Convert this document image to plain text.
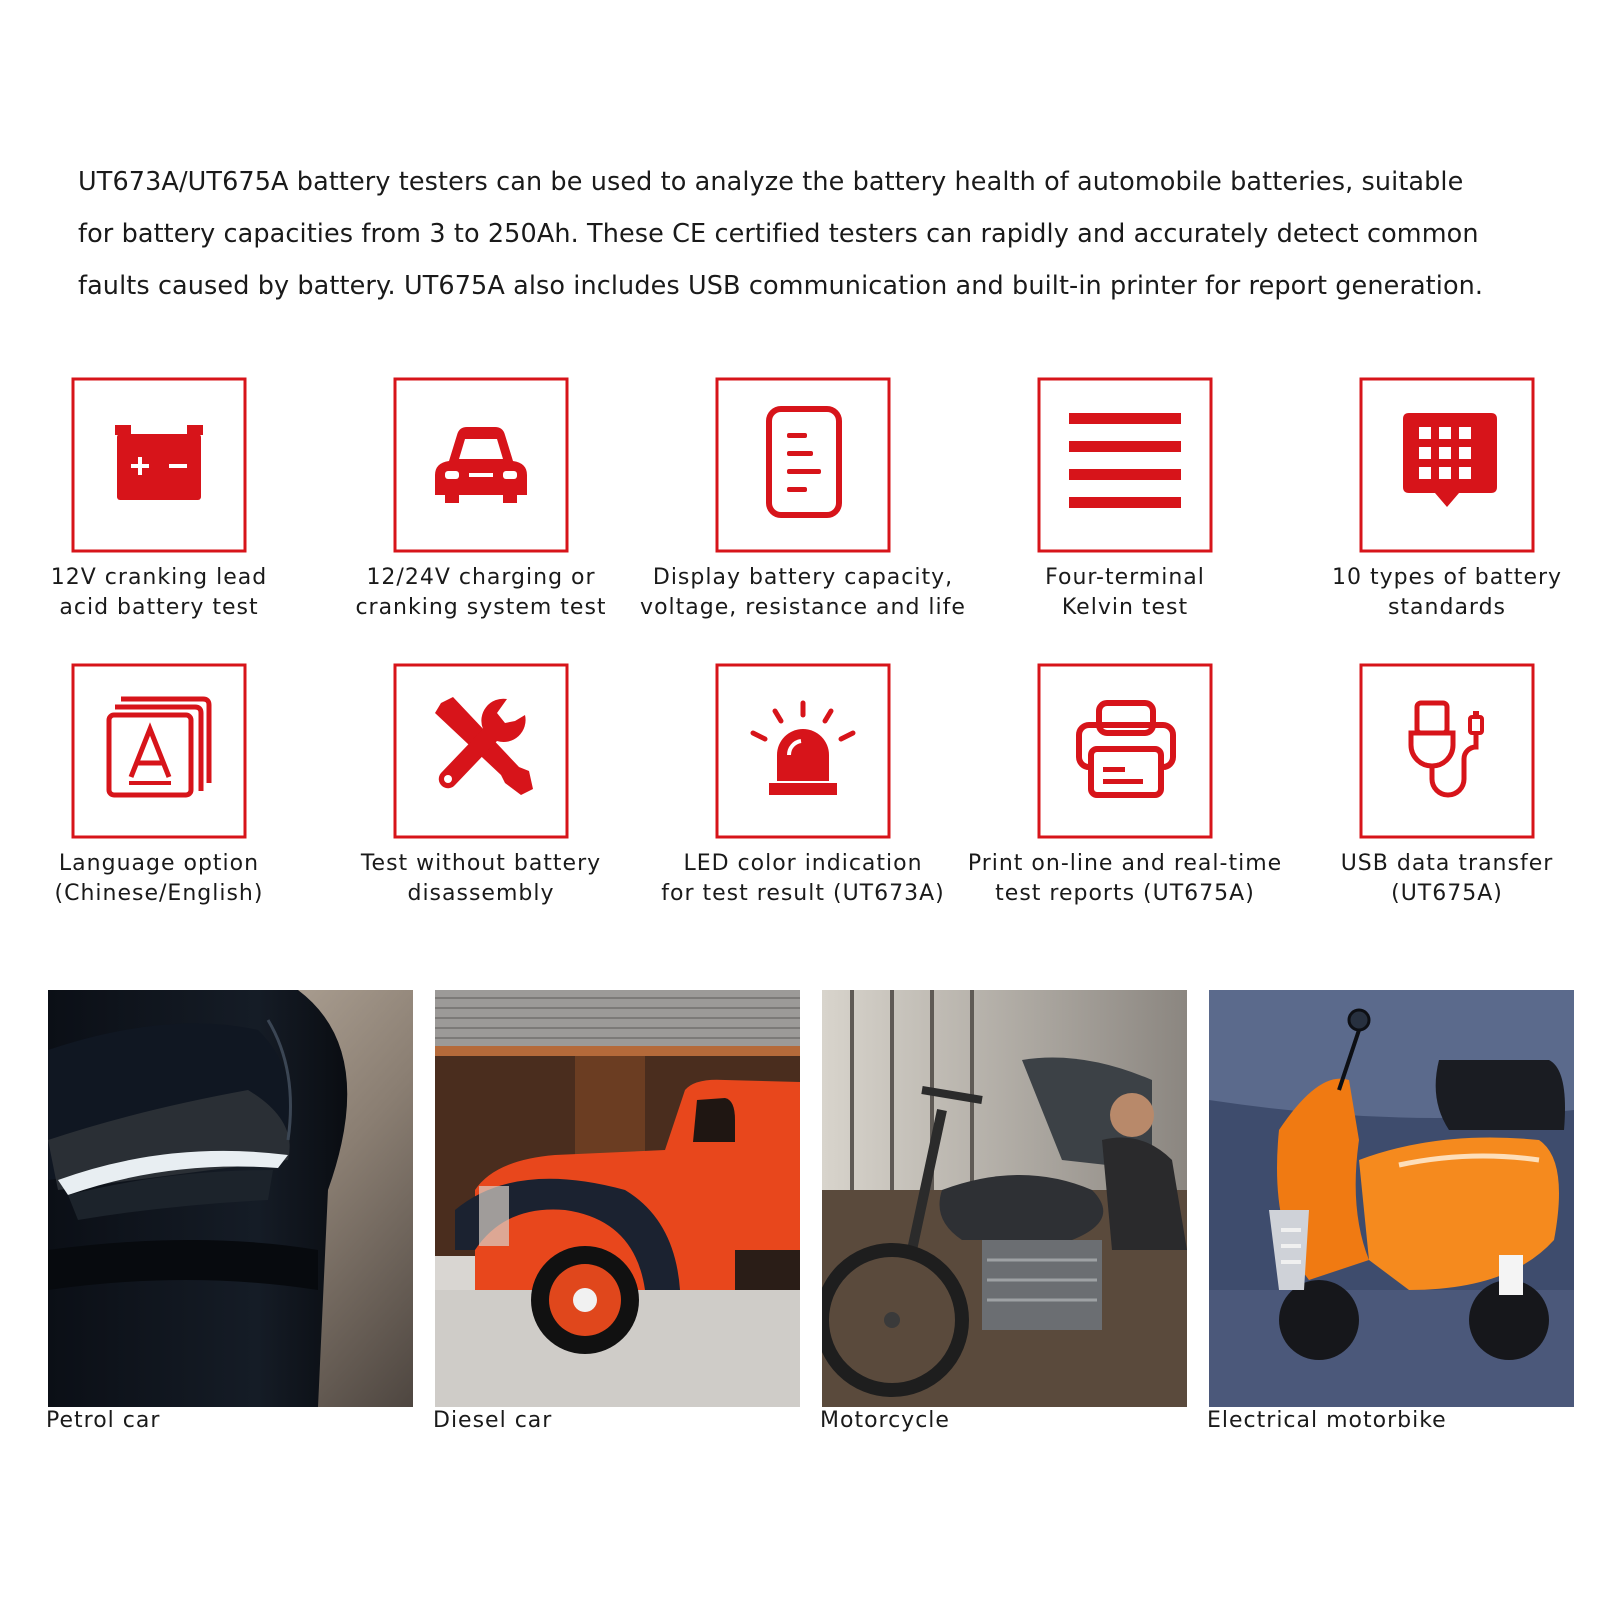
UT673A/UT675A battery testers can be used to analyze the battery health of automobile batteries, suitable
for battery capacities from 3 to 250Ah. These CE certified testers can rapidly and accurately detect common
faults caused by battery. UT675A also includes USB communication and built-in printer for report generation.
12V cranking lead
acid battery test
12/24V charging or
cranking system test
Display battery capacity,
voltage, resistance and life
Four-terminal
Kelvin test
10 types of battery
standards
Language option
(Chinese/English)
Test without battery
disassembly
LED color indication
for test result (UT673A)
Print on-line and real-time
test reports (UT675A)
USB data transfer
(UT675A)
Petrol car	Diesel car	Motorcycle	Electrical motorbike
